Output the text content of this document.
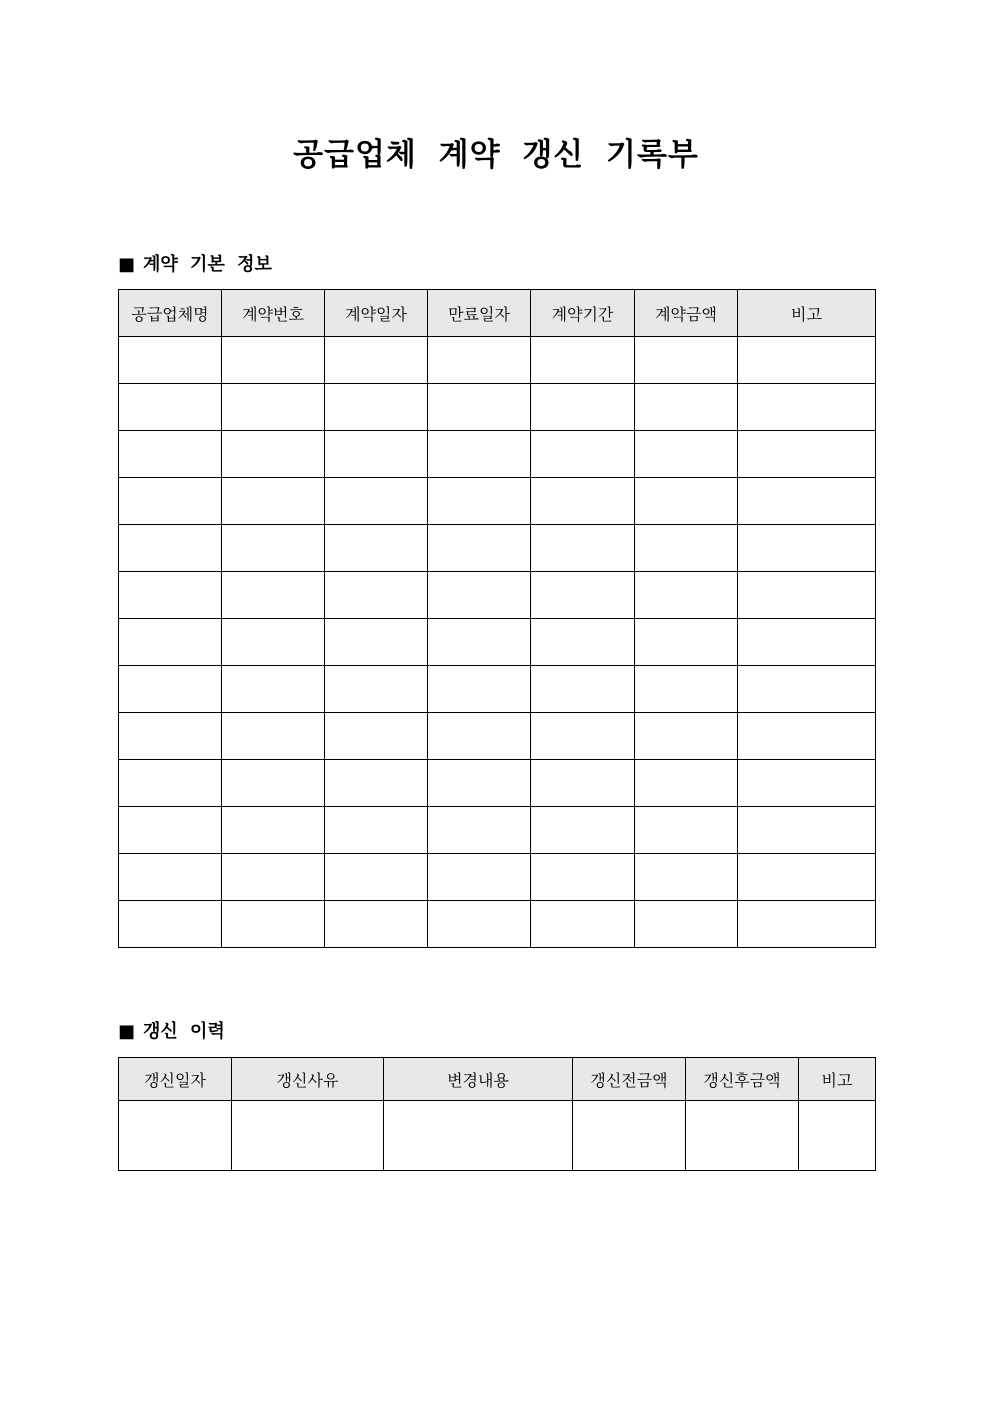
공급업체 계약 갱신 기록부
■ 계약 기본 정보
공급업체명	계약번호	계약일자	만료일자	계약기간	계약금액	비고

■ 갱신 이력
갱신일자	갱신사유	변경내용	갱신전금액	갱신후금액	비고
